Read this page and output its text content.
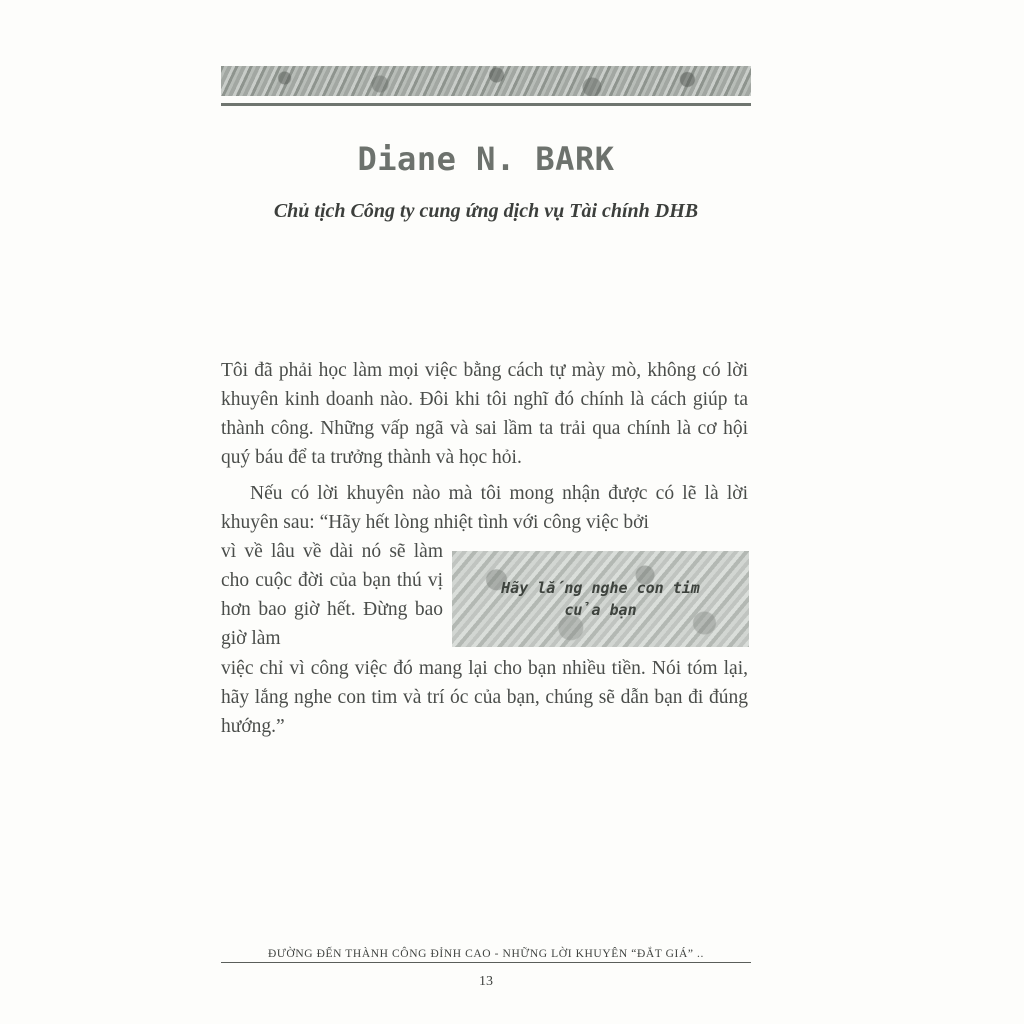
Diane N. BARK

Chủ tịch Công ty cung ứng dịch vụ Tài chính DHB

Tôi đã phải học làm mọi việc bằng cách tự mày mò, không có lời khuyên kinh doanh nào. Đôi khi tôi nghĩ đó chính là cách giúp ta thành công. Những vấp ngã và sai lầm ta trải qua chính là cơ hội quý báu để ta trưởng thành và học hỏi.

Nếu có lời khuyên nào mà tôi mong nhận được có lẽ là lời khuyên sau: “Hãy hết lòng nhiệt tình với công việc bởi

vì về lâu về dài nó sẽ làm cho cuộc đời của bạn thú vị hơn bao giờ hết. Đừng bao giờ làm

việc chỉ vì công việc đó mang lại cho bạn nhiều tiền. Nói tóm lại, hãy lắng nghe con tim và trí óc của bạn, chúng sẽ dẫn bạn đi đúng hướng.”

Hãy lắng nghe con tim
của bạn

ĐƯỜNG ĐẾN THÀNH CÔNG ĐỈNH CAO - NHỮNG LỜI KHUYÊN “ĐẮT GIÁ” ..

13
